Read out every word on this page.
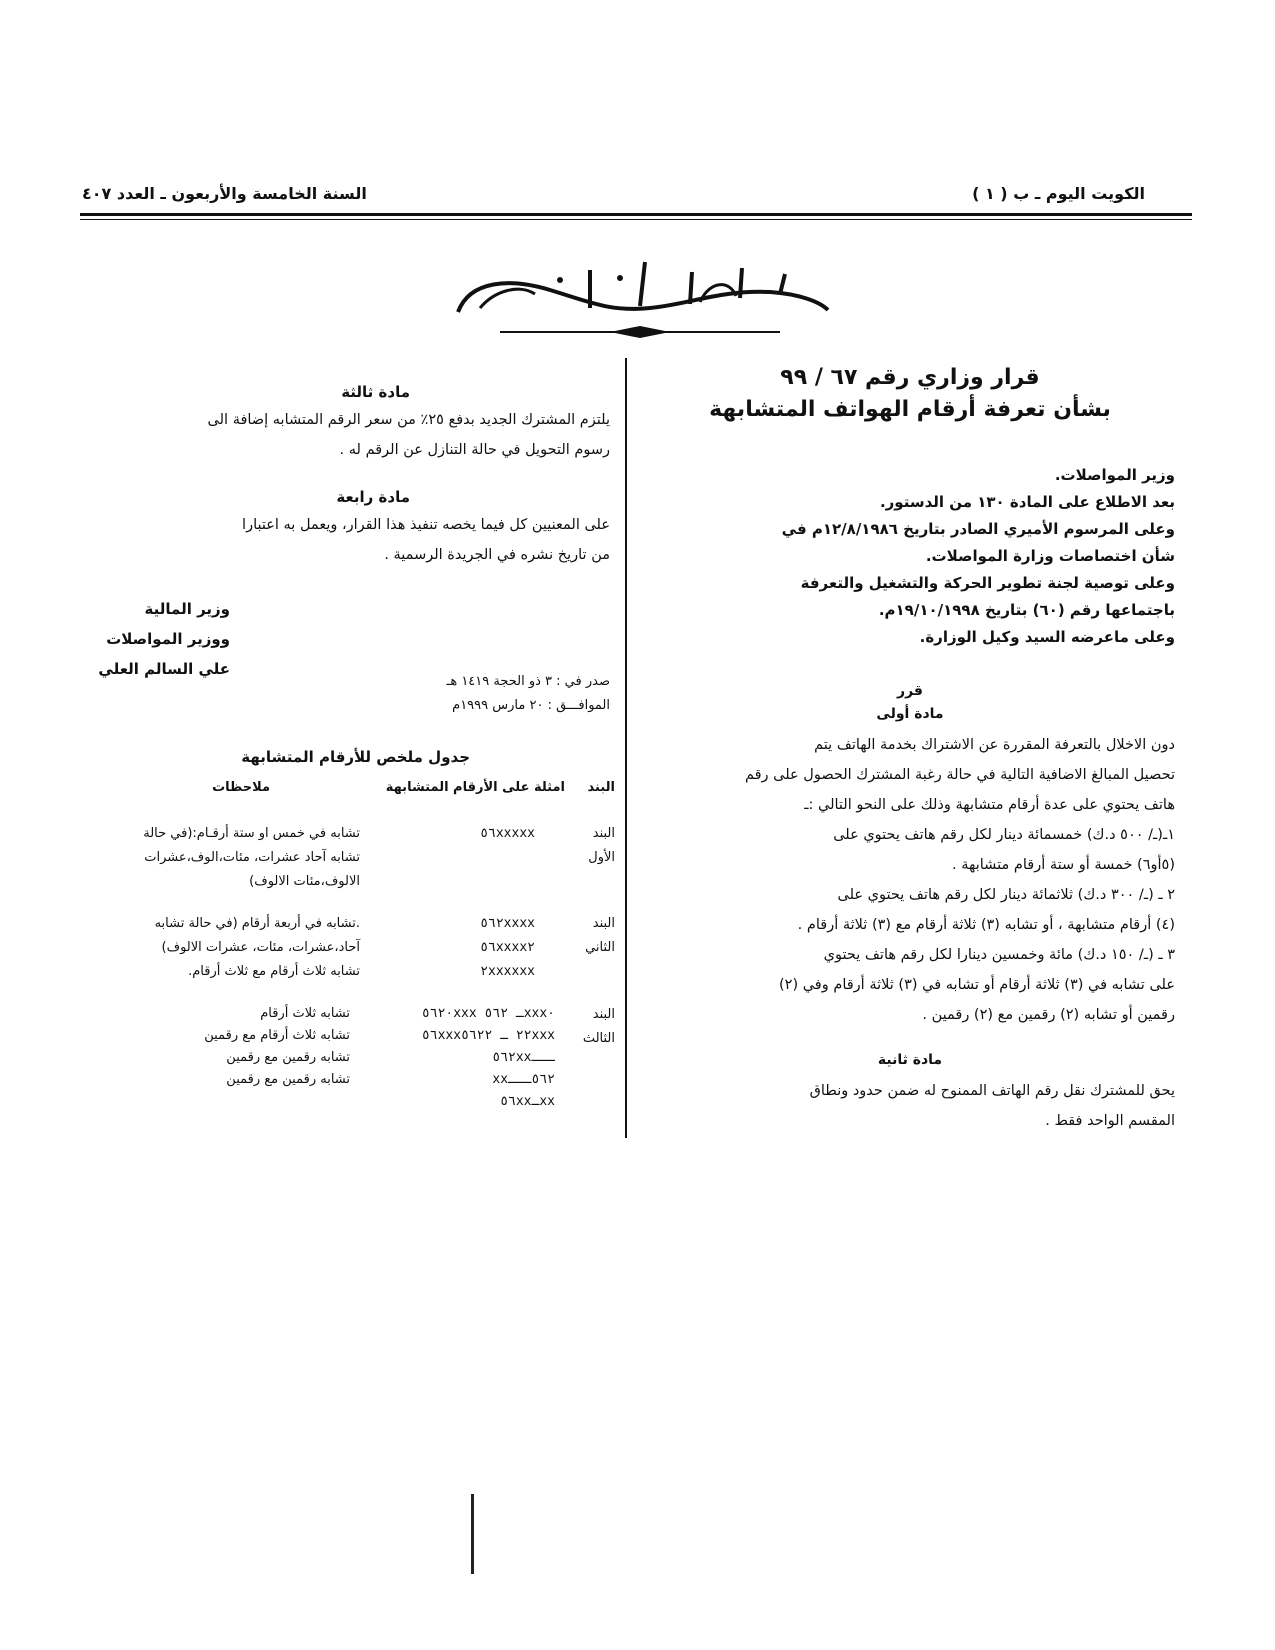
الكويت اليوم ـ ب ( ١ )
السنة الخامسة والأربعون ـ العدد ٤٠٧
وزارة المواصلات
قرار وزاري رقم ٦٧ / ٩٩
بشأن تعرفة أرقام الهواتف المتشابهة
وزير المواصلات.
بعد الاطلاع على المادة ١٣٠ من الدستور.
وعلى المرسوم الأميري الصادر بتاريخ ١٢/٨/١٩٨٦م في
شأن اختصاصات وزارة المواصلات.
وعلى توصية لجنة تطوير الحركة والتشغيل والتعرفة
باجتماعها رقم (٦٠) بتاريخ ١٩/١٠/١٩٩٨م.
وعلى ماعرضه السيد وكيل الوزارة.
قرر
مادة أولى
دون الاخلال بالتعرفة المقررة عن الاشتراك بخدمة الهاتف يتم
تحصيل المبالغ الاضافية التالية في حالة رغبة المشترك الحصول على رقم
هاتف يحتوي على عدة أرقام متشابهة وذلك على النحو التالي :ـ
١ـ(ـ/ ٥٠٠ د.ك) خمسمائة دينار لكل رقم هاتف يحتوي على
(٥أو٦) خمسة أو ستة أرقام متشابهة .
٢ ـ (ـ/ ٣٠٠ د.ك) ثلاثمائة دينار لكل رقم هاتف يحتوي على
(٤) أرقام متشابهة ، أو تشابه (٣) ثلاثة أرقام مع (٣) ثلاثة أرقام .
٣ ـ (ـ/ ١٥٠ د.ك) مائة وخمسين دينارا لكل رقم هاتف يحتوي
على تشابه في (٣) ثلاثة أرقام أو تشابه في (٣) ثلاثة أرقام وفي (٢)
رقمين أو تشابه (٢) رقمين مع (٢) رقمين .
مادة ثانية
يحق للمشترك نقل رقم الهاتف الممنوح له ضمن حدود ونطاق
المقسم الواحد فقط .
مادة ثالثة
يلتزم المشترك الجديد بدفع ٢٥٪ من سعر الرقم المتشابه إضافة الى
رسوم التحويل في حالة التنازل عن الرقم له .
مادة رابعة
على المعنيين كل فيما يخصه تنفيذ هذا القرار، ويعمل به اعتبارا
من تاريخ نشره في الجريدة الرسمية .
وزير المالية
ووزير المواصلات
علي السالم العلي
صدر في : ٣ ذو الحجة ١٤١٩ هـ
الموافـــق : ٢٠ مارس ١٩٩٩م
جدول ملخص للأرقام المتشابهة
البند
امثلة على الأرقام المتشابهة
ملاحظات
البند
الأول
٥٦xxxxx
تشابه في خمس او ستة أرقـام:(في حالة
تشابه آحاد عشرات، مئات،الوف،عشرات
الالوف،مئات الالوف)
البند
الثاني
٥٦٢xxxx
٥٦xxxx٢
٢xxxxxx
.تشابه في أربعة أرقام (في حالة تشابه
آحاد،عشرات، مئات، عشرات الالوف)
تشابه ثلاث أرقام مع ثلاث أرقام.
البند
الثالث
٥٦٢٠xxx ـ ٥٦٢xxx٠
٥٦xxx٢٢ ـ ٥٦٢٢xxx
٥٦٢xxـــ
٥٦٢ـــxx
٥٦xxـxx
تشابه ثلاث أرقام
تشابه ثلاث أرقام مع رقمين
تشابه رقمين مع رقمين
تشابه رقمين مع رقمين
